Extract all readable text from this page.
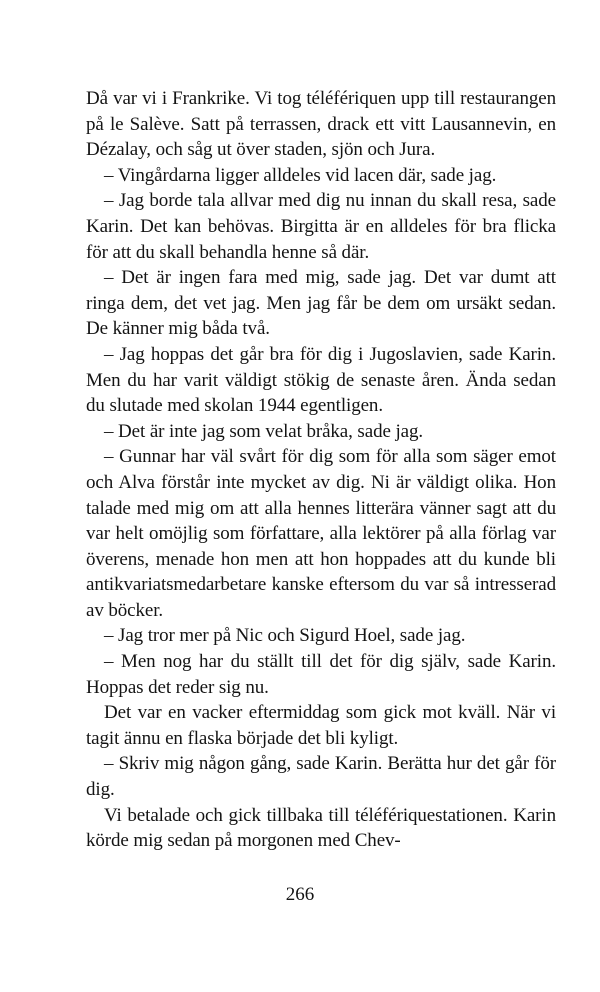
Då var vi i Frankrike. Vi tog téléfériquen upp till restaurangen på le Salève. Satt på terrassen, drack ett vitt Lausannevin, en Dézalay, och såg ut över staden, sjön och Jura.

– Vingårdarna ligger alldeles vid lacen där, sade jag.

– Jag borde tala allvar med dig nu innan du skall resa, sade Karin. Det kan behövas. Birgitta är en alldeles för bra flicka för att du skall behandla henne så där.

– Det är ingen fara med mig, sade jag. Det var dumt att ringa dem, det vet jag. Men jag får be dem om ursäkt sedan. De känner mig båda två.

– Jag hoppas det går bra för dig i Jugoslavien, sade Karin. Men du har varit väldigt stökig de senaste åren. Ända sedan du slutade med skolan 1944 egentligen.

– Det är inte jag som velat bråka, sade jag.

– Gunnar har väl svårt för dig som för alla som säger emot och Alva förstår inte mycket av dig. Ni är väldigt olika. Hon talade med mig om att alla hennes litterära vänner sagt att du var helt omöjlig som författare, alla lektörer på alla förlag var överens, menade hon men att hon hoppades att du kunde bli antikvariatsmedarbetare kanske eftersom du var så intresserad av böcker.

– Jag tror mer på Nic och Sigurd Hoel, sade jag.

– Men nog har du ställt till det för dig själv, sade Karin. Hoppas det reder sig nu.

Det var en vacker eftermiddag som gick mot kväll. När vi tagit ännu en flaska började det bli kyligt.

– Skriv mig någon gång, sade Karin. Berätta hur det går för dig.

Vi betalade och gick tillbaka till téléfériquestationen. Karin körde mig sedan på morgonen med Chev-

266
